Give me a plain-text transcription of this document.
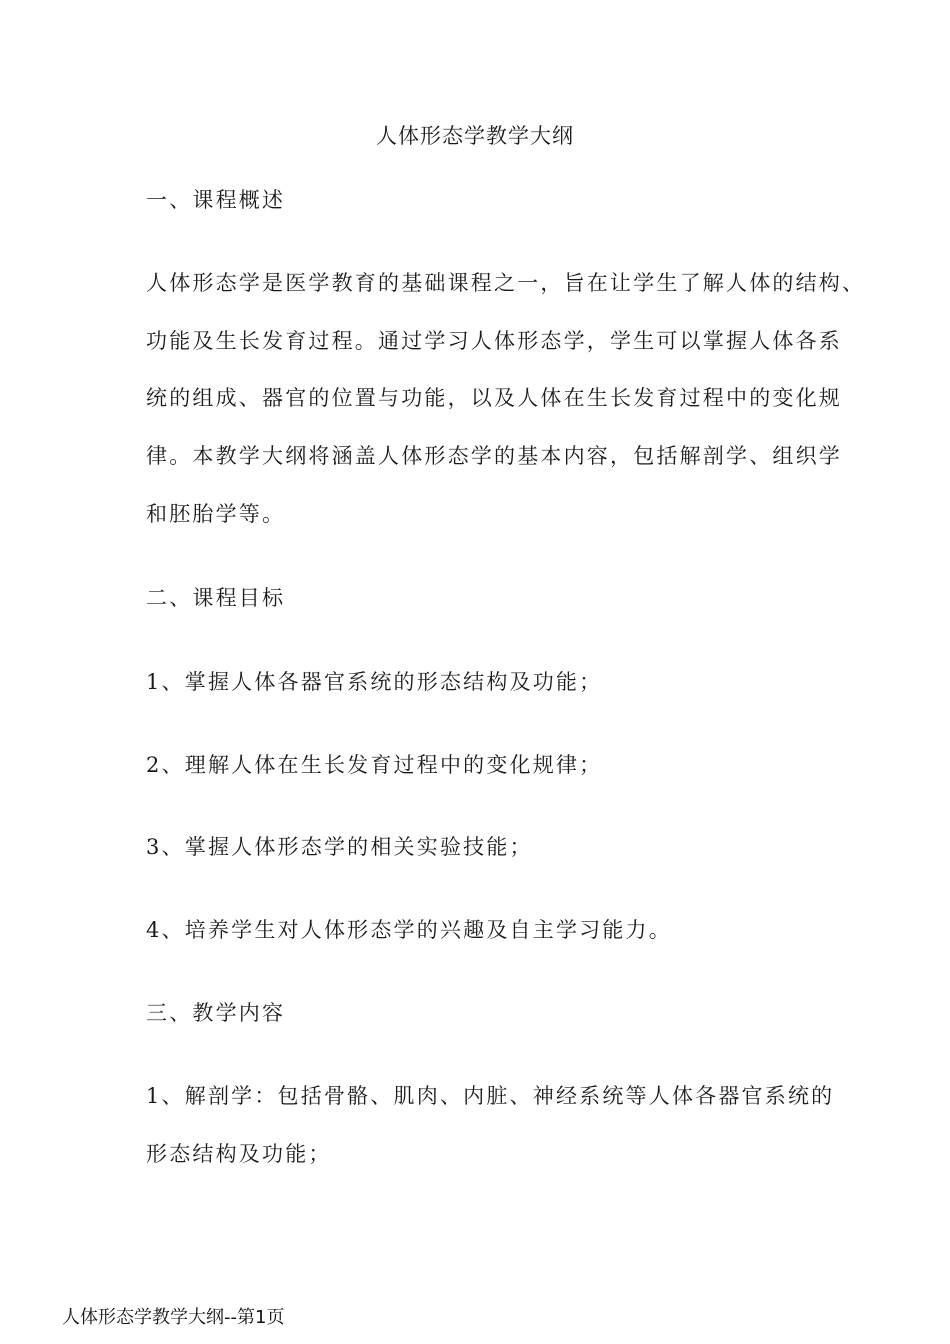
人体形态学教学大纲
一、课程概述
人体形态学是医学教育的基础课程之一，旨在让学生了解人体的结构、
功能及生长发育过程。通过学习人体形态学，学生可以掌握人体各系
统的组成、器官的位置与功能，以及人体在生长发育过程中的变化规
律。本教学大纲将涵盖人体形态学的基本内容，包括解剖学、组织学
和胚胎学等。
二、课程目标
1、掌握人体各器官系统的形态结构及功能；
2、理解人体在生长发育过程中的变化规律；
3、掌握人体形态学的相关实验技能；
4、培养学生对人体形态学的兴趣及自主学习能力。
三、教学内容
1、解剖学：包括骨骼、肌肉、内脏、神经系统等人体各器官系统的
形态结构及功能；
人体形态学教学大纲--第1页
